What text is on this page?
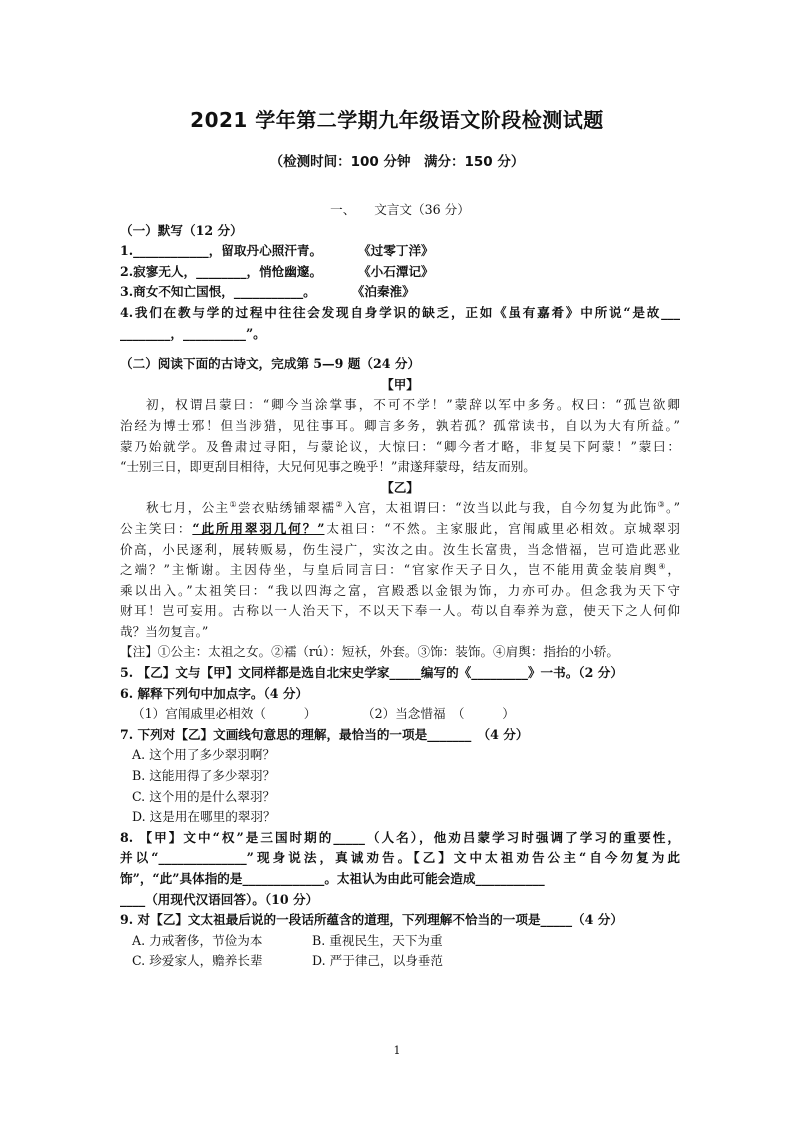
2021 学年第二学期九年级语文阶段检测试题
（检测时间：100 分钟　满分：150 分）
一、　　文言文（36 分）
（一）默写（12 分）
1.____________，留取丹心照汗青。	《过零丁洋》
2.寂寥无人，________，悄怆幽邃。	《小石潭记》
3.商女不知亡国恨，___________。	《泊秦淮》
4.我们在教与学的过程中往往会发现自身学识的缺乏，正如《虽有嘉肴》中所说“是故___
________，__________”。
（二）阅读下面的古诗文，完成第 5—9 题（24 分）
【甲】
初，权谓吕蒙曰：“卿今当涂掌事，不可不学！”蒙辞以军中多务。权曰：“孤岂欲卿
治经为博士邪！但当涉猎，见往事耳。卿言多务，孰若孤？孤常读书，自以为大有所益。”
蒙乃始就学。及鲁肃过寻阳，与蒙论议，大惊曰：“卿今者才略，非复吴下阿蒙！”蒙曰：
“士别三日，即更刮目相待，大兄何见事之晚乎！”肃遂拜蒙母，结友而别。
【乙】
秋七月，公主①尝衣贴绣铺翠襦②入宫，太祖谓曰：“汝当以此与我，自今勿复为此饰③。”
公主笑曰：“此所用翠羽几何？”太祖曰：“不然。主家服此，宫闱戚里必相效。京城翠羽
价高，小民逐利，展转贩易，伤生浸广，实汝之由。汝生长富贵，当念惜福，岂可造此恶业
之端？”主惭谢。主因侍坐，与皇后同言曰：“官家作天子日久，岂不能用黄金装肩舆④，
乘以出入。”太祖笑曰：“我以四海之富，宫殿悉以金银为饰，力亦可办。但念我为天下守
财耳！岂可妄用。古称以一人治天下，不以天下奉一人。苟以自奉养为意，使天下之人何仰
哉？当勿复言。”
【注】①公主：太祖之女。②襦（rú）：短袄，外套。③饰：装饰。④肩舆：指抬的小轿。
5. 【乙】文与【甲】文同样都是选自北宋史学家_____编写的《_________》一书。（2 分）
6. 解释下列句中加点字。（4 分）
（1）宫闱戚里必相效（　　　）	（2）当念惜福　（　　　）
7. 下列对【乙】文画线句意思的理解，最恰当的一项是_______　（4 分）
A. 这个用了多少翠羽啊？
B. 这能用得了多少翠羽？
C. 这个用的是什么翠羽？
D. 这是用在哪里的翠羽？
8. 【甲】文中“权”是三国时期的_____（人名），他劝吕蒙学习时强调了学习的重要性，
并以“______________”现身说法，真诚劝告。【乙】文中太祖劝告公主“自今勿复为此
饰”，“此”具体指的是_____________。太祖认为由此可能会造成___________
____（用现代汉语回答）。（10 分）
9. 对【乙】文太祖最后说的一段话所蕴含的道理，下列理解不恰当的一项是_____（4 分）
A. 力戒奢侈，节俭为本	B. 重视民生，天下为重
C. 珍爱家人，赡养长辈	D. 严于律己，以身垂范
1
